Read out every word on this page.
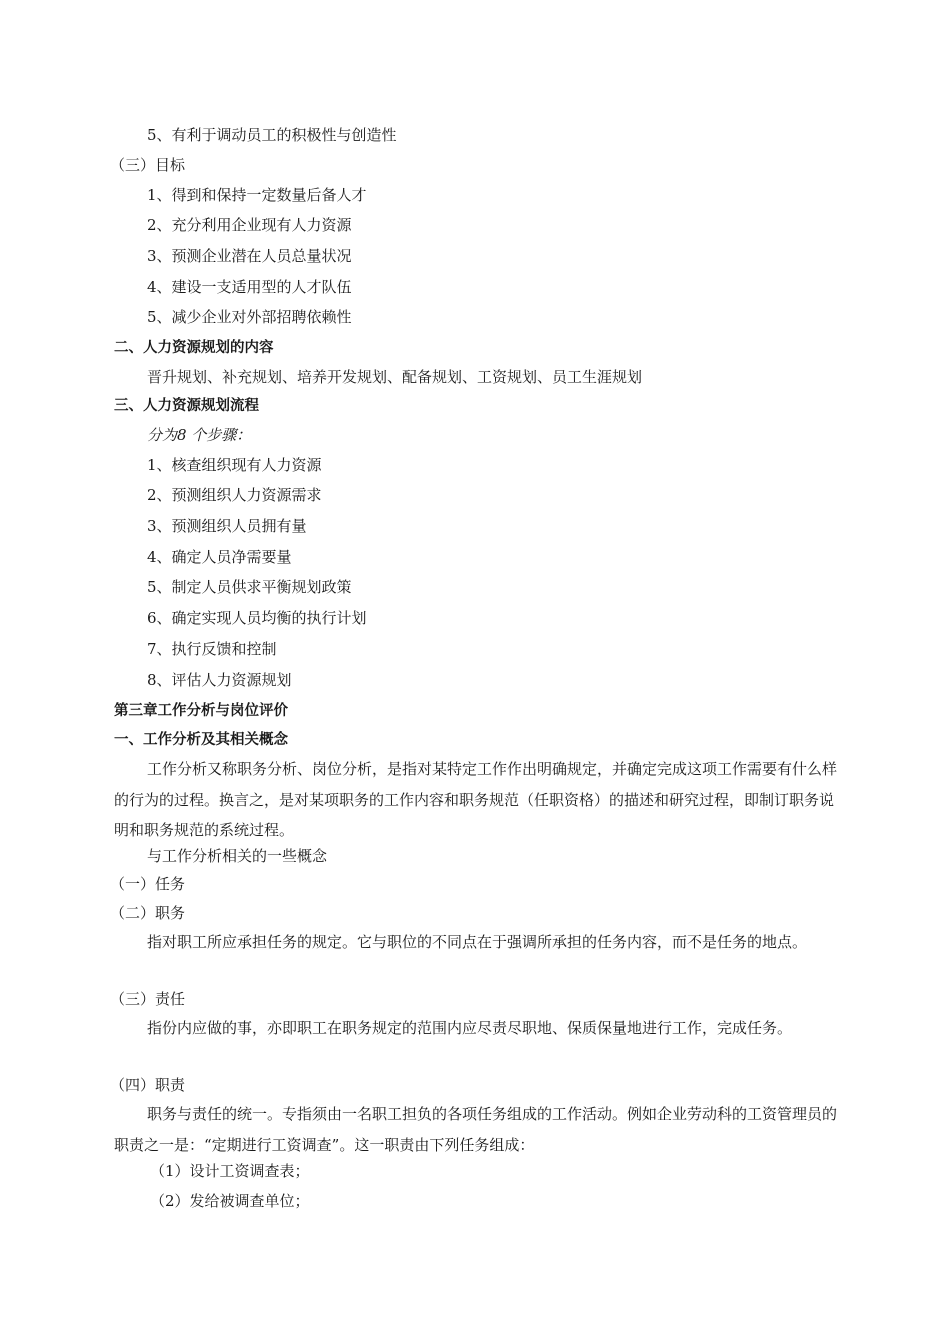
5、有利于调动员工的积极性与创造性
（三）目标
1、得到和保持一定数量后备人才
2、充分利用企业现有人力资源
3、预测企业潜在人员总量状况
4、建设一支适用型的人才队伍
5、减少企业对外部招聘依赖性
二、人力资源规划的内容
晋升规划、补充规划、培养开发规划、配备规划、工资规划、员工生涯规划
三、人力资源规划流程
分为8 个步骤：
1、核查组织现有人力资源
2、预测组织人力资源需求
3、预测组织人员拥有量
4、确定人员净需要量
5、制定人员供求平衡规划政策
6、确定实现人员均衡的执行计划
7、执行反馈和控制
8、评估人力资源规划
第三章工作分析与岗位评价
一、工作分析及其相关概念
工作分析又称职务分析、岗位分析，是指对某特定工作作出明确规定，并确定完成这项工作需要有什么样的行为的过程。换言之，是对某项职务的工作内容和职务规范（任职资格）的描述和研究过程，即制订职务说明和职务规范的系统过程。
与工作分析相关的一些概念
（一）任务
（二）职务
指对职工所应承担任务的规定。它与职位的不同点在于强调所承担的任务内容，而不是任务的地点。
（三）责任
指份内应做的事，亦即职工在职务规定的范围内应尽责尽职地、保质保量地进行工作，完成任务。
（四）职责
职务与责任的统一。专指须由一名职工担负的各项任务组成的工作活动。例如企业劳动科的工资管理员的职责之一是：“定期进行工资调查”。这一职责由下列任务组成：
（1）设计工资调查表；
（2）发给被调查单位；
